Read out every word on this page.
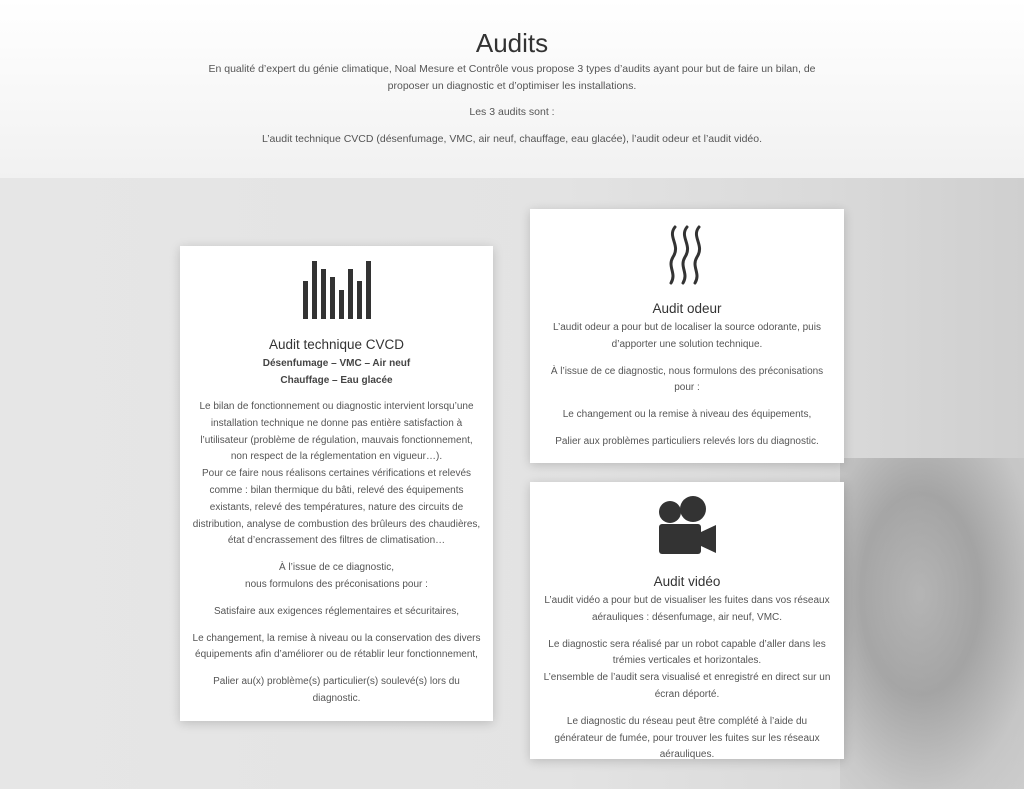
Audits

En qualité d’expert du génie climatique, Noal Mesure et Contrôle vous propose 3 types d’audits ayant pour but de faire un bilan, de proposer un diagnostic et d’optimiser les installations.

Les 3 audits sont :

L’audit technique CVCD (désenfumage, VMC, air neuf, chauffage, eau glacée), l’audit odeur et l’audit vidéo.

Audit technique CVCD
Désenfumage – VMC – Air neuf
Chauffage – Eau glacée

Le bilan de fonctionnement ou diagnostic intervient lorsqu’une installation technique ne donne pas entière satisfaction à l’utilisateur (problème de régulation, mauvais fonctionnement, non respect de la réglementation en vigueur…).

Pour ce faire nous réalisons certaines vérifications et relevés comme : bilan thermique du bâti, relevé des équipements existants, relevé des températures, nature des circuits de distribution, analyse de combustion des brûleurs des chaudières, état d’encrassement des filtres de climatisation…

À l’issue de ce diagnostic,
nous formulons des préconisations pour :

Satisfaire aux exigences réglementaires et sécuritaires,

Le changement, la remise à niveau ou la conservation des divers équipements afin d’améliorer ou de rétablir leur fonctionnement,

Palier au(x) problème(s) particulier(s) soulevé(s) lors du diagnostic.

Audit odeur

L’audit odeur a pour but de localiser la source odorante, puis d’apporter une solution technique.

À l’issue de ce diagnostic, nous formulons des préconisations pour :

Le changement ou la remise à niveau des équipements,

Palier aux problèmes particuliers relevés lors du diagnostic.

Audit vidéo

L’audit vidéo a pour but de visualiser les fuites dans vos réseaux aérauliques : désenfumage, air neuf, VMC.

Le diagnostic sera réalisé par un robot capable d’aller dans les trémies verticales et horizontales.
L’ensemble de l’audit sera visualisé et enregistré en direct sur un écran déporté.

Le diagnostic du réseau peut être complété à l’aide du générateur de fumée, pour trouver les fuites sur les réseaux aérauliques.
